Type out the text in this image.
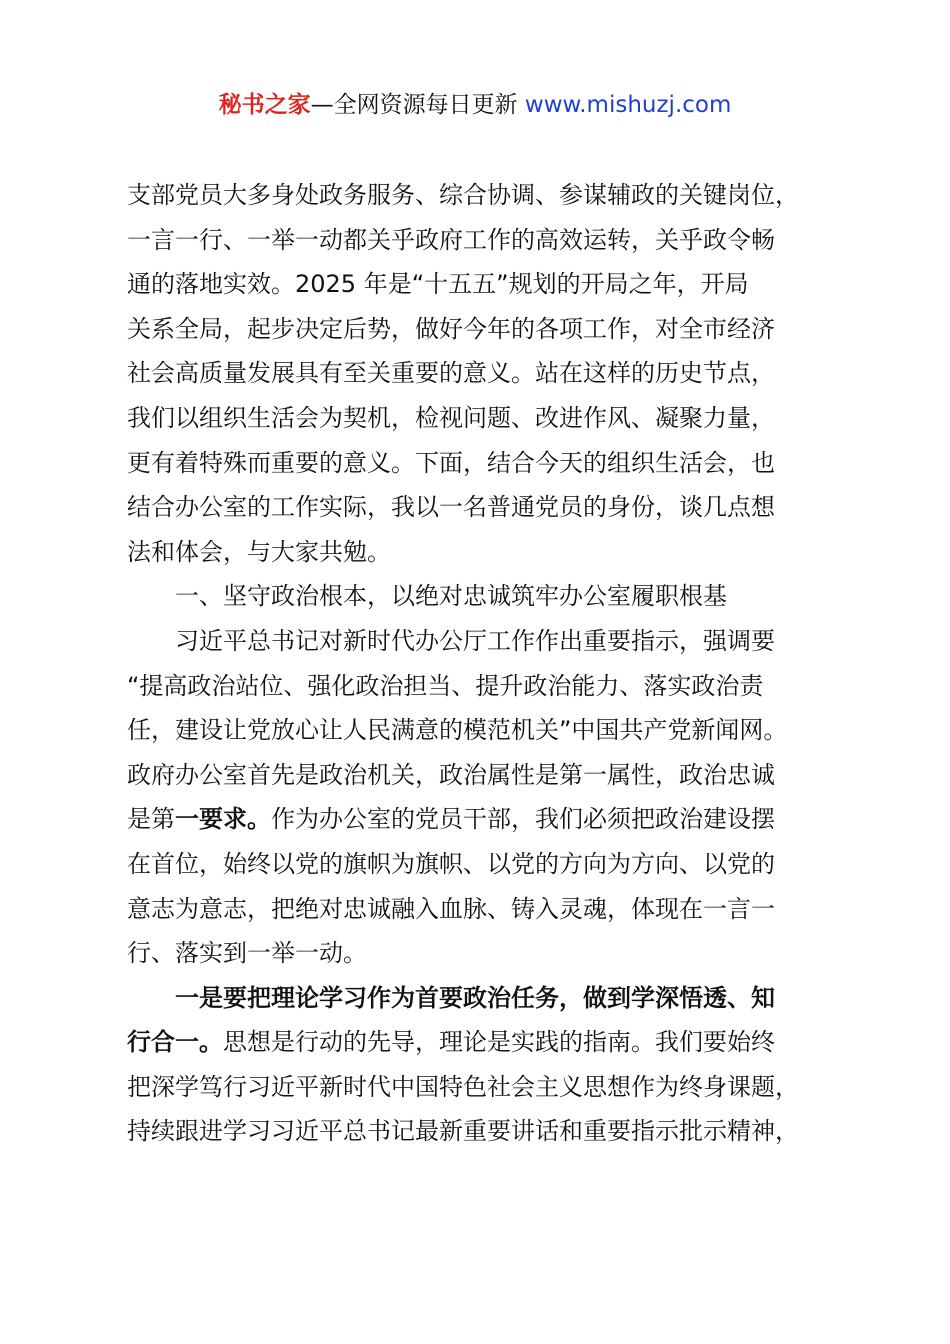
秘书之家—全网资源每日更新 www.mishuzj.com
支部党员大多身处政务服务、综合协调、参谋辅政的关键岗位，
一言一行、一举一动都关乎政府工作的高效运转，关乎政令畅
通的落地实效。2025 年是“十五五”规划的开局之年，开局
关系全局，起步决定后势，做好今年的各项工作，对全市经济
社会高质量发展具有至关重要的意义。站在这样的历史节点，
我们以组织生活会为契机，检视问题、改进作风、凝聚力量，
更有着特殊而重要的意义。下面，结合今天的组织生活会，也
结合办公室的工作实际，我以一名普通党员的身份，谈几点想
法和体会，与大家共勉。
一、坚守政治根本，以绝对忠诚筑牢办公室履职根基
习近平总书记对新时代办公厅工作作出重要指示，强调要
“提高政治站位、强化政治担当、提升政治能力、落实政治责
任，建设让党放心让人民满意的模范机关”中国共产党新闻网。
政府办公室首先是政治机关，政治属性是第一属性，政治忠诚
是第一要求。作为办公室的党员干部，我们必须把政治建设摆
在首位，始终以党的旗帜为旗帜、以党的方向为方向、以党的
意志为意志，把绝对忠诚融入血脉、铸入灵魂，体现在一言一
行、落实到一举一动。
一是要把理论学习作为首要政治任务，做到学深悟透、知
行合一。思想是行动的先导，理论是实践的指南。我们要始终
把深学笃行习近平新时代中国特色社会主义思想作为终身课题，
持续跟进学习习近平总书记最新重要讲话和重要指示批示精神，
